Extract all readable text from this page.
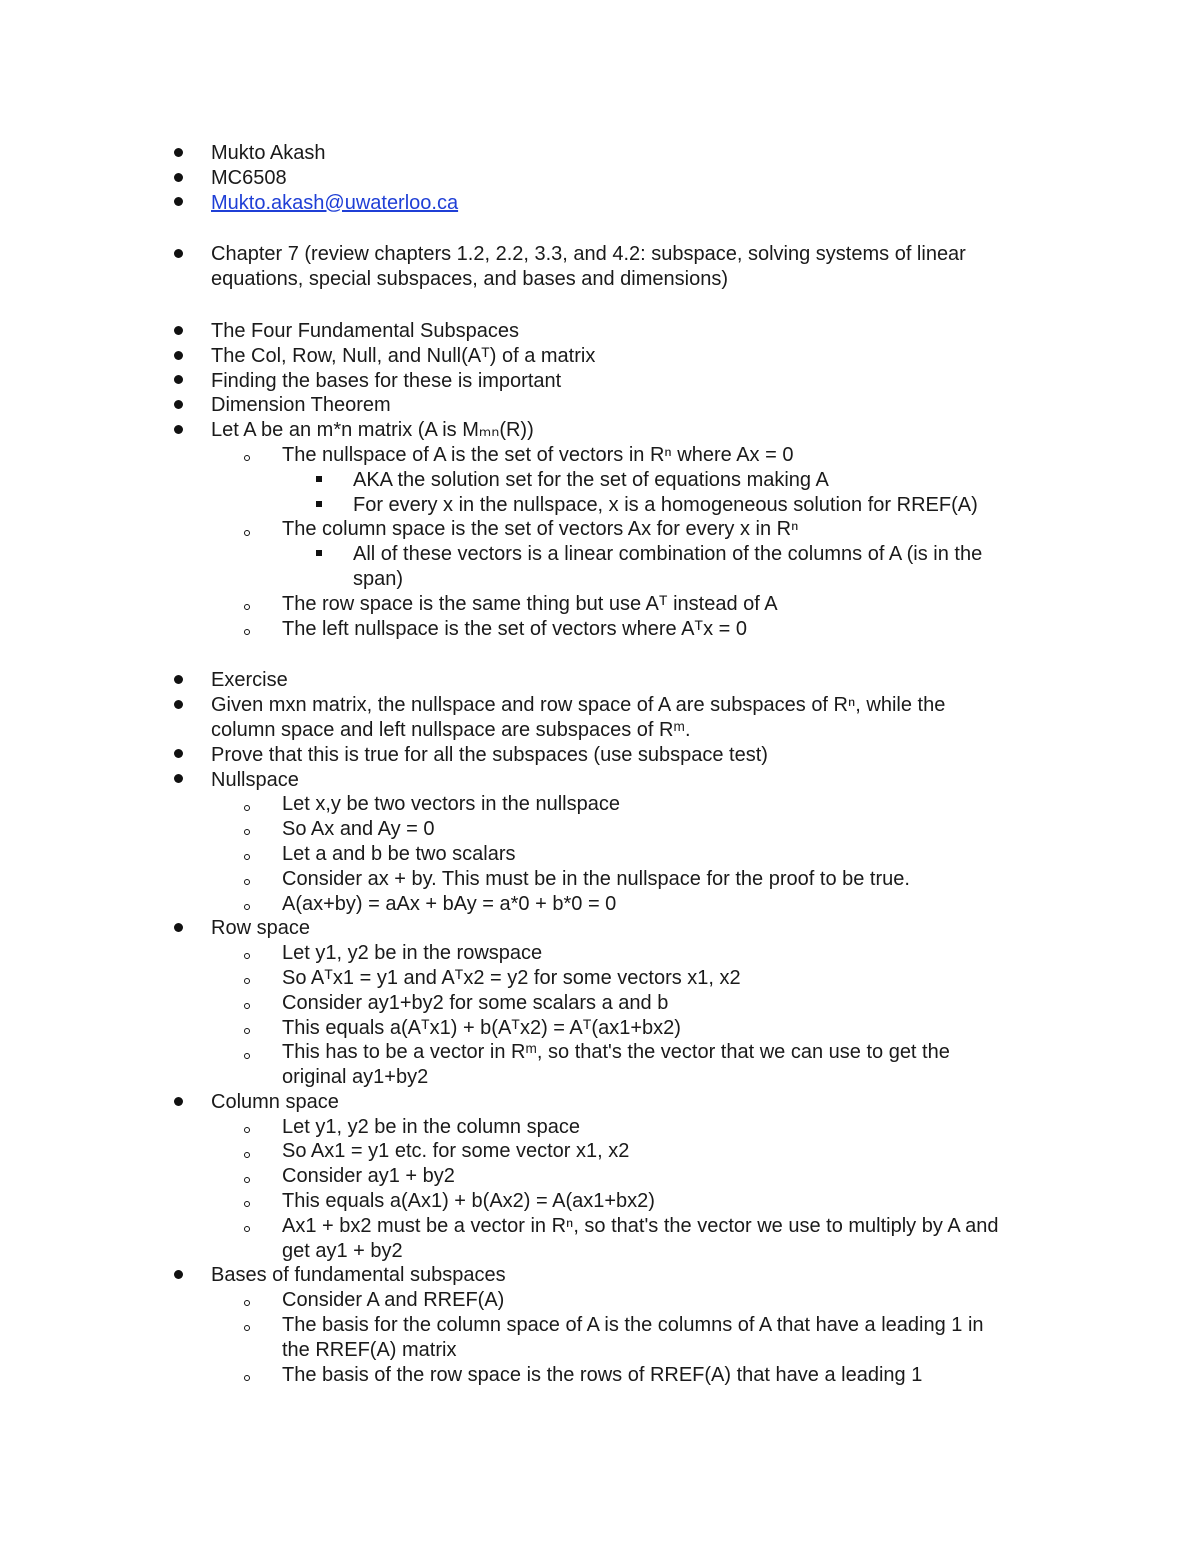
Mukto Akash
MC6508
Mukto.akash@uwaterloo.ca
Chapter 7 (review chapters 1.2, 2.2, 3.3, and 4.2: subspace, solving systems of linear
equations, special subspaces, and bases and dimensions)
The Four Fundamental Subspaces
The Col, Row, Null, and Null(Aᵀ) of a matrix
Finding the bases for these is important
Dimension Theorem
Let A be an m*n matrix (A is Mₘₙ(R))
The nullspace of A is the set of vectors in Rⁿ where Ax = 0
AKA the solution set for the set of equations making A
For every x in the nullspace, x is a homogeneous solution for RREF(A)
The column space is the set of vectors Ax for every x in Rⁿ
All of these vectors is a linear combination of the columns of A (is in the
span)
The row space is the same thing but use Aᵀ instead of A
The left nullspace is the set of vectors where Aᵀx = 0
Exercise
Given mxn matrix, the nullspace and row space of A are subspaces of Rⁿ, while the
column space and left nullspace are subspaces of Rᵐ.
Prove that this is true for all the subspaces (use subspace test)
Nullspace
Let x,y be two vectors in the nullspace
So Ax and Ay = 0
Let a and b be two scalars
Consider ax + by. This must be in the nullspace for the proof to be true.
A(ax+by) = aAx + bAy = a*0 + b*0 = 0
Row space
Let y1, y2 be in the rowspace
So Aᵀx1 = y1 and Aᵀx2 = y2 for some vectors x1, x2
Consider ay1+by2 for some scalars a and b
This equals a(Aᵀx1) + b(Aᵀx2) = Aᵀ(ax1+bx2)
This has to be a vector in Rᵐ, so that's the vector that we can use to get the
original ay1+by2
Column space
Let y1, y2 be in the column space
So Ax1 = y1 etc. for some vector x1, x2
Consider ay1 + by2
This equals a(Ax1) + b(Ax2) = A(ax1+bx2)
Ax1 + bx2 must be a vector in Rⁿ, so that's the vector we use to multiply by A and
get ay1 + by2
Bases of fundamental subspaces
Consider A and RREF(A)
The basis for the column space of A is the columns of A that have a leading 1 in
the RREF(A) matrix
The basis of the row space is the rows of RREF(A) that have a leading 1
